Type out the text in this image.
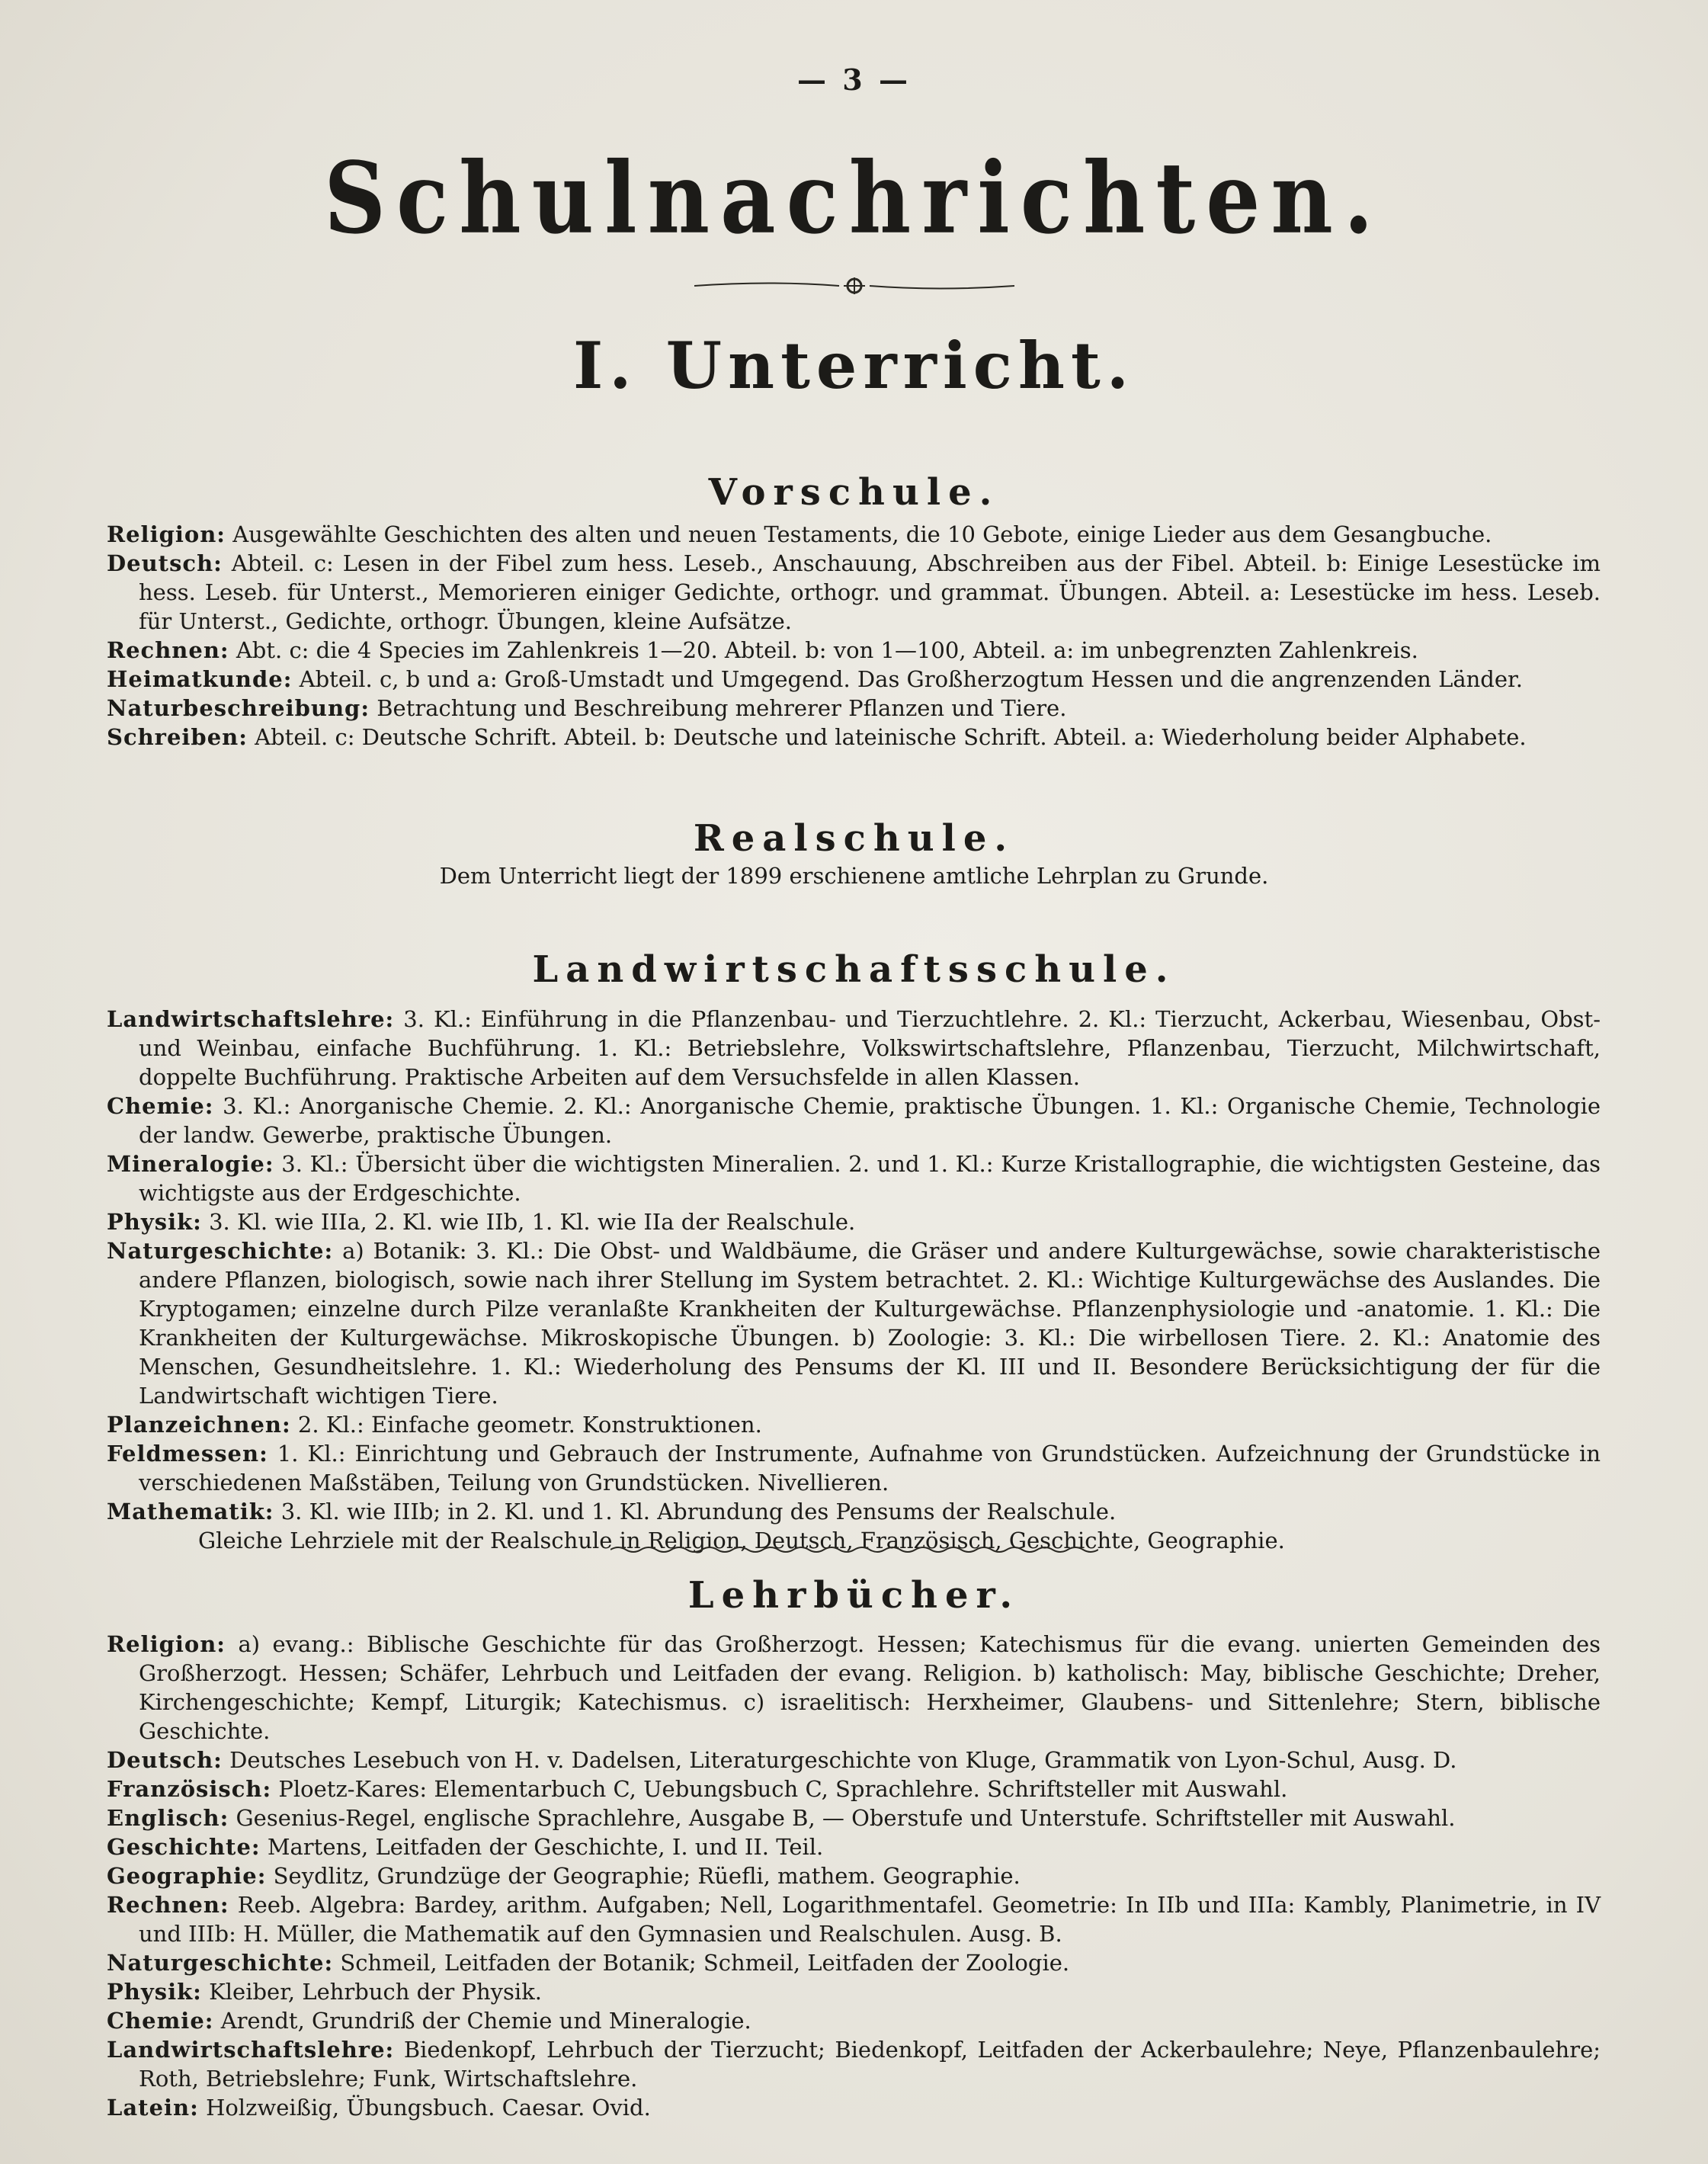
— 3 —
Schulnachrichten.
I. Unterricht.
Vorschule.

Religion: Ausgewählte Geschichten des alten und neuen Testaments, die 10 Gebote, einige Lieder aus dem Gesangbuche.

Deutsch: Abteil. c: Lesen in der Fibel zum hess. Leseb., Anschauung, Abschreiben aus der Fibel. Abteil. b: Einige Lesestücke im hess. Leseb. für Unterst., Memorieren einiger Gedichte, orthogr. und grammat. Übungen. Abteil. a: Lesestücke im hess. Leseb. für Unterst., Gedichte, orthogr. Übungen, kleine Aufsätze.

Rechnen: Abt. c: die 4 Species im Zahlenkreis 1—20. Abteil. b: von 1—100, Abteil. a: im unbegrenzten Zahlenkreis.

Heimatkunde: Abteil. c, b und a: Groß-Umstadt und Umgegend. Das Großherzogtum Hessen und die angrenzenden Länder.

Naturbeschreibung: Betrachtung und Beschreibung mehrerer Pflanzen und Tiere.

Schreiben: Abteil. c: Deutsche Schrift. Abteil. b: Deutsche und lateinische Schrift. Abteil. a: Wiederholung beider Alphabete.

Realschule.
Dem Unterricht liegt der 1899 erschienene amtliche Lehrplan zu Grunde.
Landwirtschaftsschule.

Landwirtschaftslehre: 3. Kl.: Einführung in die Pflanzenbau- und Tierzuchtlehre. 2. Kl.: Tierzucht, Ackerbau, Wiesenbau, Obst- und Weinbau, einfache Buchführung. 1. Kl.: Betriebslehre, Volkswirtschaftslehre, Pflanzenbau, Tierzucht, Milchwirtschaft, doppelte Buchführung. Praktische Arbeiten auf dem Versuchsfelde in allen Klassen.

Chemie: 3. Kl.: Anorganische Chemie. 2. Kl.: Anorganische Chemie, praktische Übungen. 1. Kl.: Organische Chemie, Technologie der landw. Gewerbe, praktische Übungen.

Mineralogie: 3. Kl.: Übersicht über die wichtigsten Mineralien. 2. und 1. Kl.: Kurze Kristallographie, die wichtigsten Gesteine, das wichtigste aus der Erdgeschichte.

Physik: 3. Kl. wie IIIa, 2. Kl. wie IIb, 1. Kl. wie IIa der Realschule.

Naturgeschichte: a) Botanik: 3. Kl.: Die Obst- und Waldbäume, die Gräser und andere Kulturgewächse, sowie charakteristische andere Pflanzen, biologisch, sowie nach ihrer Stellung im System betrachtet. 2. Kl.: Wichtige Kulturgewächse des Auslandes. Die Kryptogamen; einzelne durch Pilze veranlaßte Krankheiten der Kulturgewächse. Pflanzenphysiologie und -anatomie. 1. Kl.: Die Krankheiten der Kulturgewächse. Mikroskopische Übungen. b) Zoologie: 3. Kl.: Die wirbellosen Tiere. 2. Kl.: Anatomie des Menschen, Gesundheitslehre. 1. Kl.: Wiederholung des Pensums der Kl. III und II. Besondere Berücksichtigung der für die Landwirtschaft wichtigen Tiere.

Planzeichnen: 2. Kl.: Einfache geometr. Konstruktionen.

Feldmessen: 1. Kl.: Einrichtung und Gebrauch der Instrumente, Aufnahme von Grundstücken. Aufzeichnung der Grundstücke in verschiedenen Maßstäben, Teilung von Grundstücken. Nivellieren.

Mathematik: 3. Kl. wie IIIb; in 2. Kl. und 1. Kl. Abrundung des Pensums der Realschule.

Gleiche Lehrziele mit der Realschule in Religion, Deutsch, Französisch, Geschichte, Geographie.

Lehrbücher.

Religion: a) evang.: Biblische Geschichte für das Großherzogt. Hessen; Katechismus für die evang. unierten Gemeinden des Großherzogt. Hessen; Schäfer, Lehrbuch und Leitfaden der evang. Religion. b) katholisch: May, biblische Geschichte; Dreher, Kirchengeschichte; Kempf, Liturgik; Katechismus. c) israelitisch: Herxheimer, Glaubens- und Sittenlehre; Stern, biblische Geschichte.

Deutsch: Deutsches Lesebuch von H. v. Dadelsen, Literaturgeschichte von Kluge, Grammatik von Lyon-Schul, Ausg. D.

Französisch: Ploetz-Kares: Elementarbuch C, Uebungsbuch C, Sprachlehre. Schriftsteller mit Auswahl.

Englisch: Gesenius-Regel, englische Sprachlehre, Ausgabe B, — Oberstufe und Unterstufe. Schriftsteller mit Auswahl.

Geschichte: Martens, Leitfaden der Geschichte, I. und II. Teil.

Geographie: Seydlitz, Grundzüge der Geographie; Rüefli, mathem. Geographie.

Rechnen: Reeb. Algebra: Bardey, arithm. Aufgaben; Nell, Logarithmentafel. Geometrie: In IIb und IIIa: Kambly, Planimetrie, in IV und IIIb: H. Müller, die Mathematik auf den Gymnasien und Realschulen. Ausg. B.

Naturgeschichte: Schmeil, Leitfaden der Botanik; Schmeil, Leitfaden der Zoologie.

Physik: Kleiber, Lehrbuch der Physik.

Chemie: Arendt, Grundriß der Chemie und Mineralogie.

Landwirtschaftslehre: Biedenkopf, Lehrbuch der Tierzucht; Biedenkopf, Leitfaden der Ackerbaulehre; Neye, Pflanzenbaulehre; Roth, Betriebslehre; Funk, Wirtschaftslehre.

Latein: Holzweißig, Übungsbuch. Caesar. Ovid.
